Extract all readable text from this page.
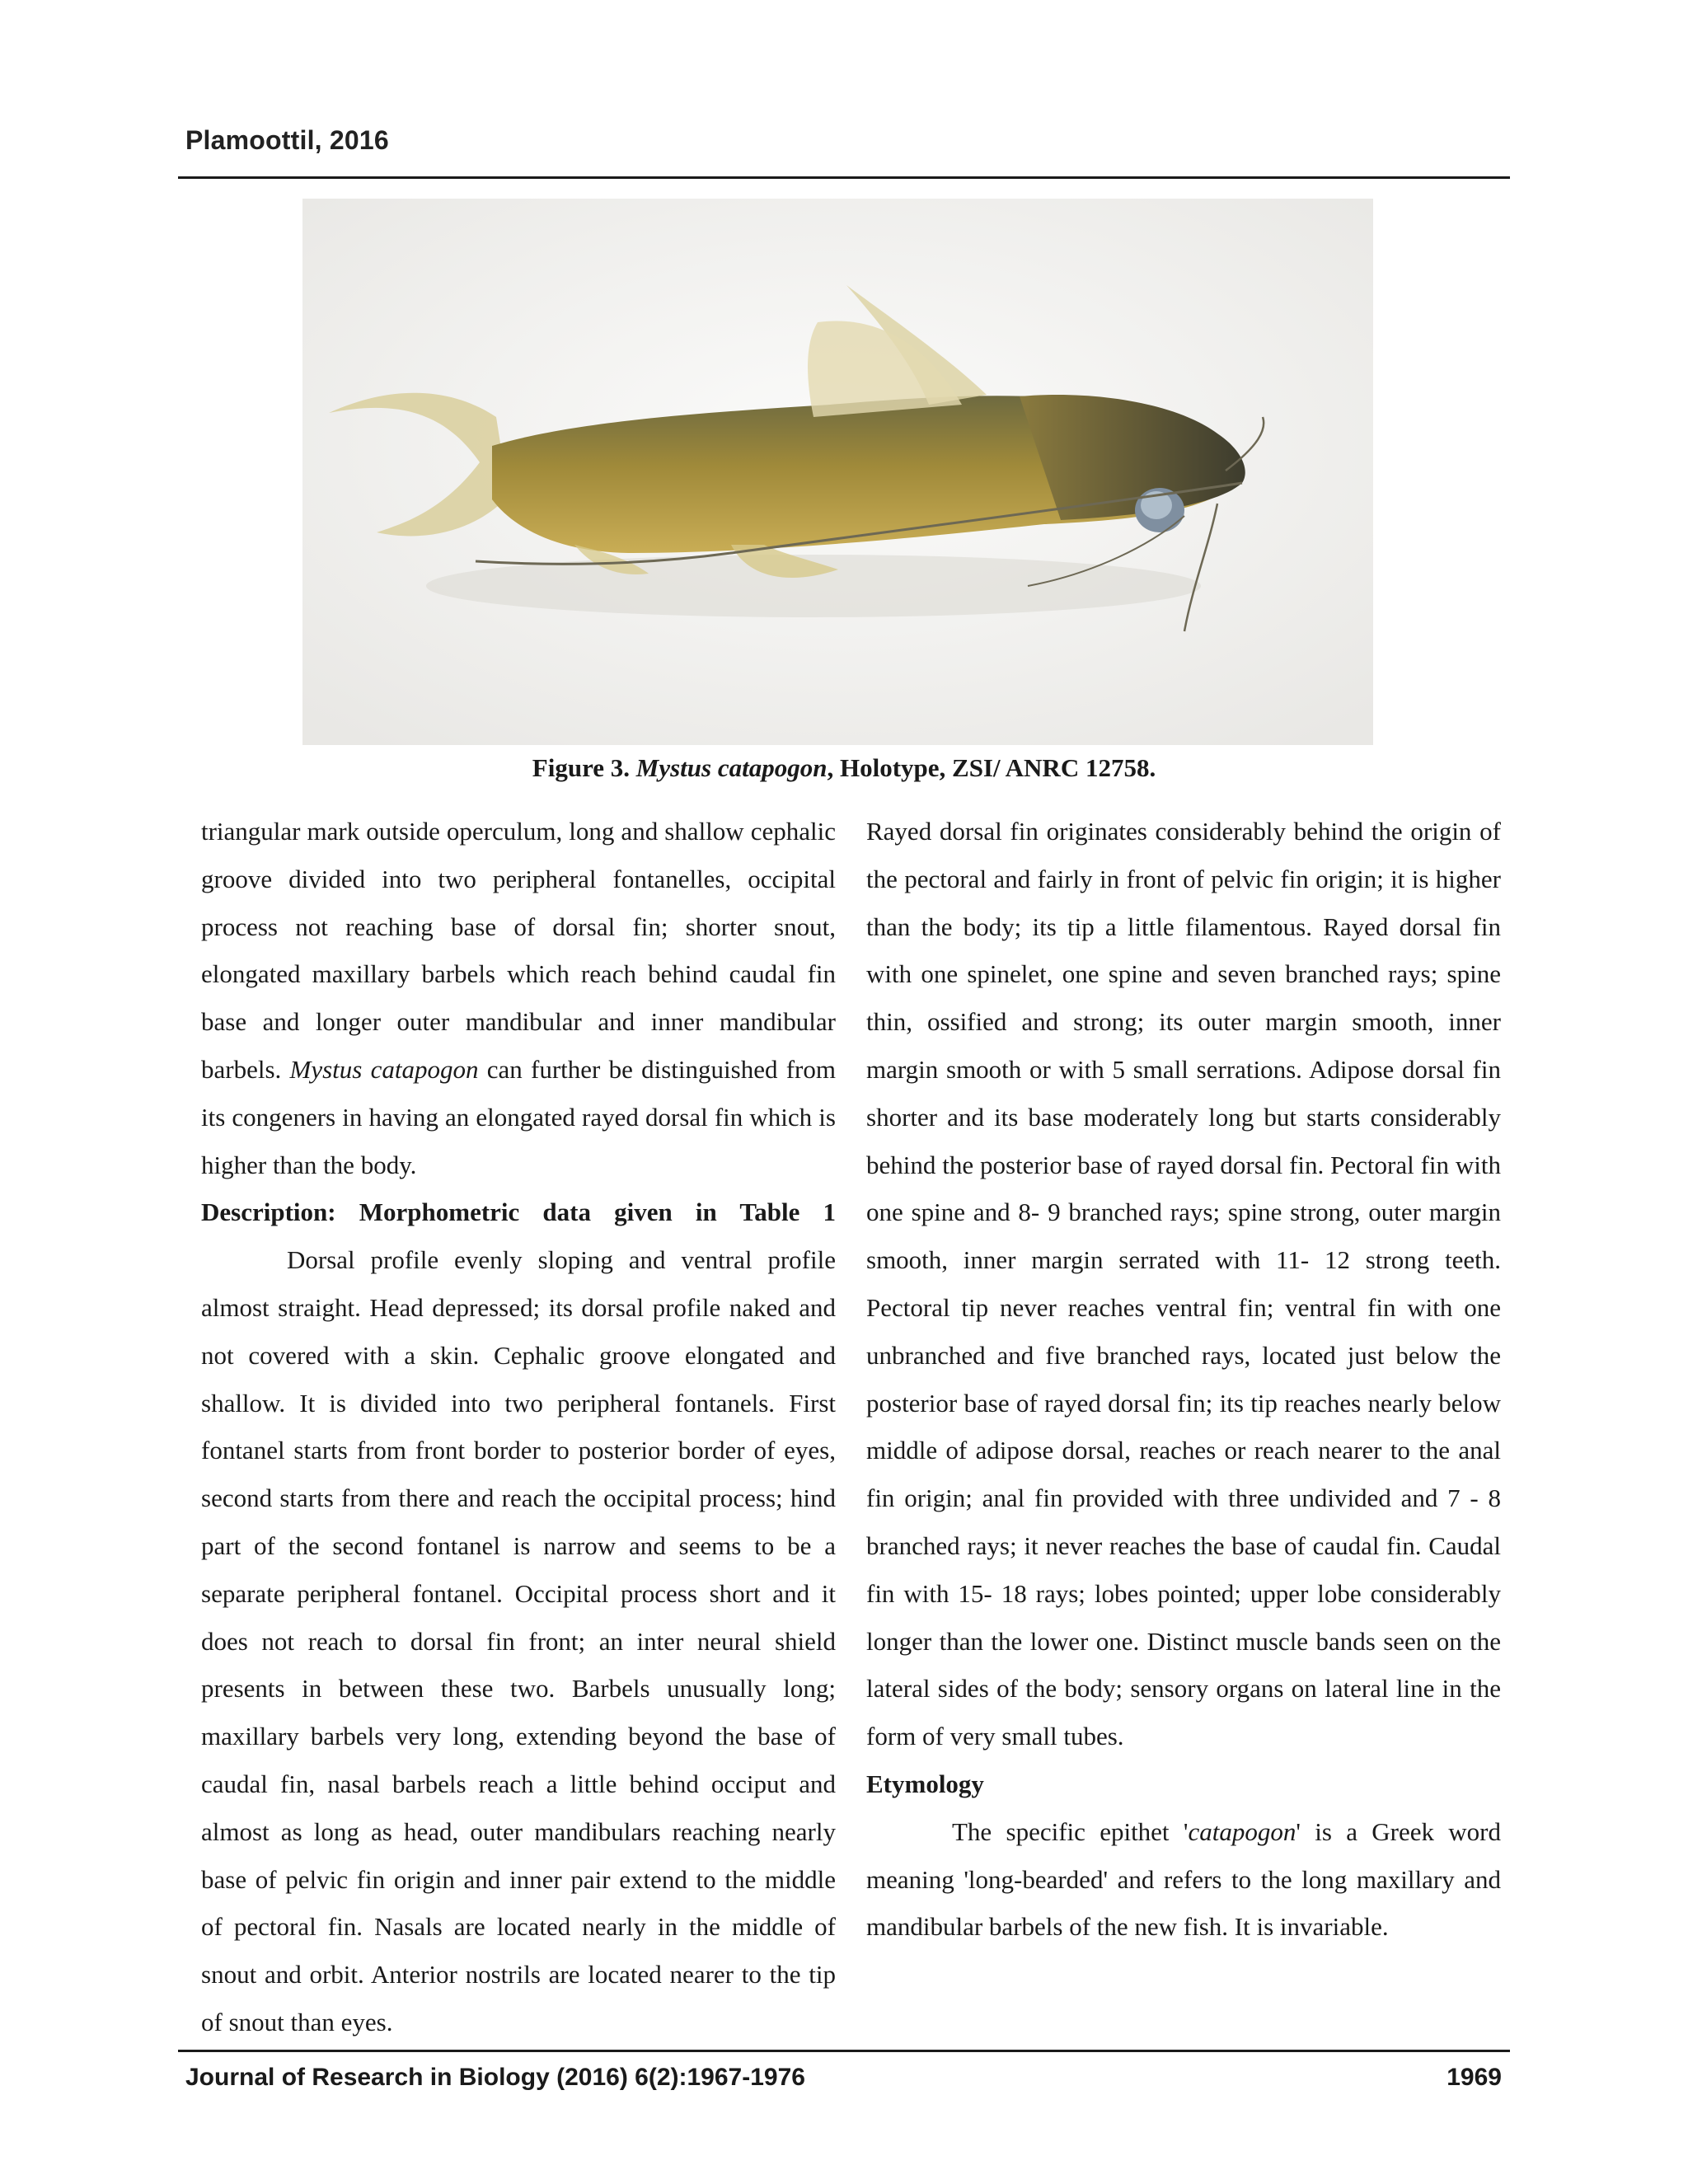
Plamoottil, 2016
Figure 3. Mystus catapogon, Holotype, ZSI/ ANRC 12758.

triangular mark outside operculum, long and shallow cephalic groove divided into two peripheral fontanelles, occipital process not reaching base of dorsal fin; shorter snout, elongated maxillary barbels which reach behind caudal fin base and longer outer mandibular and inner mandibular barbels. Mystus catapogon can further be distinguished from its congeners in having an elongated rayed dorsal fin which is higher than the body.

Description: Morphometric data given in Table 1

Dorsal profile evenly sloping and ventral profile almost straight. Head depressed; its dorsal profile naked and not covered with a skin. Cephalic groove elongated and shallow. It is divided into two peripheral fontanels. First fontanel starts from front border to posterior border of eyes, second starts from there and reach the occipital process; hind part of the second fontanel is narrow and seems to be a separate peripheral fontanel. Occipital process short and it does not reach to dorsal fin front; an inter neural shield presents in between these two. Barbels unusually long; maxillary barbels very long, extending beyond the base of caudal fin, nasal barbels reach a little behind occiput and almost as long as head, outer mandibulars reaching nearly base of pelvic fin origin and inner pair extend to the middle of pectoral fin. Nasals are located nearly in the middle of snout and orbit. Anterior nostrils are located nearer to the tip of snout than eyes.

Rayed dorsal fin originates considerably behind the origin of the pectoral and fairly in front of pelvic fin origin; it is higher than the body; its tip a little filamentous. Rayed dorsal fin with one spinelet, one spine and seven branched rays; spine thin, ossified and strong; its outer margin smooth, inner margin smooth or with 5 small serrations. Adipose dorsal fin shorter and its base moderately long but starts considerably behind the posterior base of rayed dorsal fin. Pectoral fin with one spine and 8- 9 branched rays; spine strong, outer margin smooth, inner margin serrated with 11- 12 strong teeth. Pectoral tip never reaches ventral fin; ventral fin with one unbranched and five branched rays, located just below the posterior base of rayed dorsal fin; its tip reaches nearly below middle of adipose dorsal, reaches or reach nearer to the anal fin origin; anal fin provided with three undivided and 7 - 8 branched rays; it never reaches the base of caudal fin. Caudal fin with 15- 18 rays; lobes pointed; upper lobe considerably longer than the lower one. Distinct muscle bands seen on the lateral sides of the body; sensory organs on lateral line in the form of very small tubes.

Etymology

The specific epithet 'catapogon' is a Greek word meaning 'long-bearded' and refers to the long maxillary and mandibular barbels of the new fish. It is invariable.

Journal of Research in Biology (2016) 6(2):1967-1976	1969
